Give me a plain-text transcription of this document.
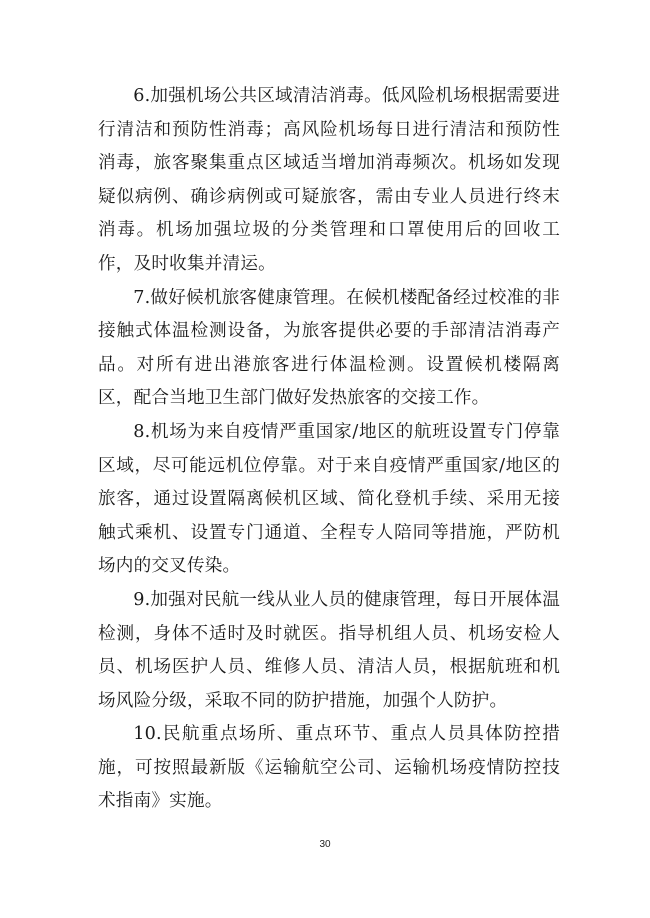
6.加强机场公共区域清洁消毒。低风险机场根据需要进行清洁和预防性消毒；高风险机场每日进行清洁和预防性消毒，旅客聚集重点区域适当增加消毒频次。机场如发现疑似病例、确诊病例或可疑旅客，需由专业人员进行终末消毒。机场加强垃圾的分类管理和口罩使用后的回收工作，及时收集并清运。

7.做好候机旅客健康管理。在候机楼配备经过校准的非接触式体温检测设备，为旅客提供必要的手部清洁消毒产品。对所有进出港旅客进行体温检测。设置候机楼隔离区，配合当地卫生部门做好发热旅客的交接工作。

8.机场为来自疫情严重国家/地区的航班设置专门停靠区域，尽可能远机位停靠。对于来自疫情严重国家/地区的旅客，通过设置隔离候机区域、简化登机手续、采用无接触式乘机、设置专门通道、全程专人陪同等措施，严防机场内的交叉传染。

9.加强对民航一线从业人员的健康管理，每日开展体温检测，身体不适时及时就医。指导机组人员、机场安检人员、机场医护人员、维修人员、清洁人员，根据航班和机场风险分级，采取不同的防护措施，加强个人防护。

10.民航重点场所、重点环节、重点人员具体防控措施，可按照最新版《运输航空公司、运输机场疫情防控技术指南》实施。

30
